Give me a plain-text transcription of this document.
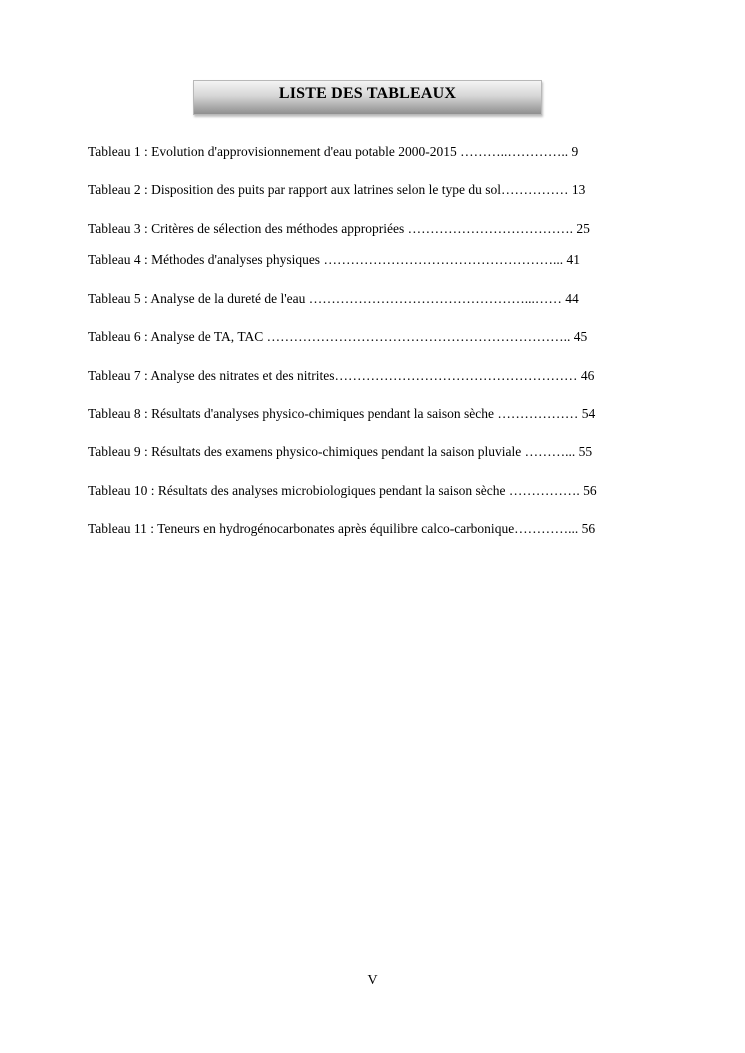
LISTE DES TABLEAUX
Tableau 1 : Evolution d'approvisionnement d'eau potable 2000-2015 ………..………….. 9
Tableau 2 : Disposition des puits par rapport aux latrines selon le type du sol…………… 13
Tableau 3 : Critères de sélection des méthodes appropriées ………………………………. 25
Tableau 4 : Méthodes d'analyses physiques ……………………………………………... 41
Tableau 5 : Analyse de la dureté de l'eau …………………………………………...…… 44
Tableau 6 : Analyse de TA, TAC ………………………………………………………….. 45
Tableau 7 : Analyse des nitrates et des nitrites……………………………………………… 46
Tableau 8 : Résultats d'analyses physico-chimiques pendant la saison sèche ……………… 54
Tableau 9 : Résultats des examens physico-chimiques pendant la saison pluviale ………... 55
Tableau 10 : Résultats des analyses microbiologiques pendant la saison sèche ……………. 56
Tableau 11 : Teneurs en hydrogénocarbonates après équilibre calco-carbonique…………... 56
V
